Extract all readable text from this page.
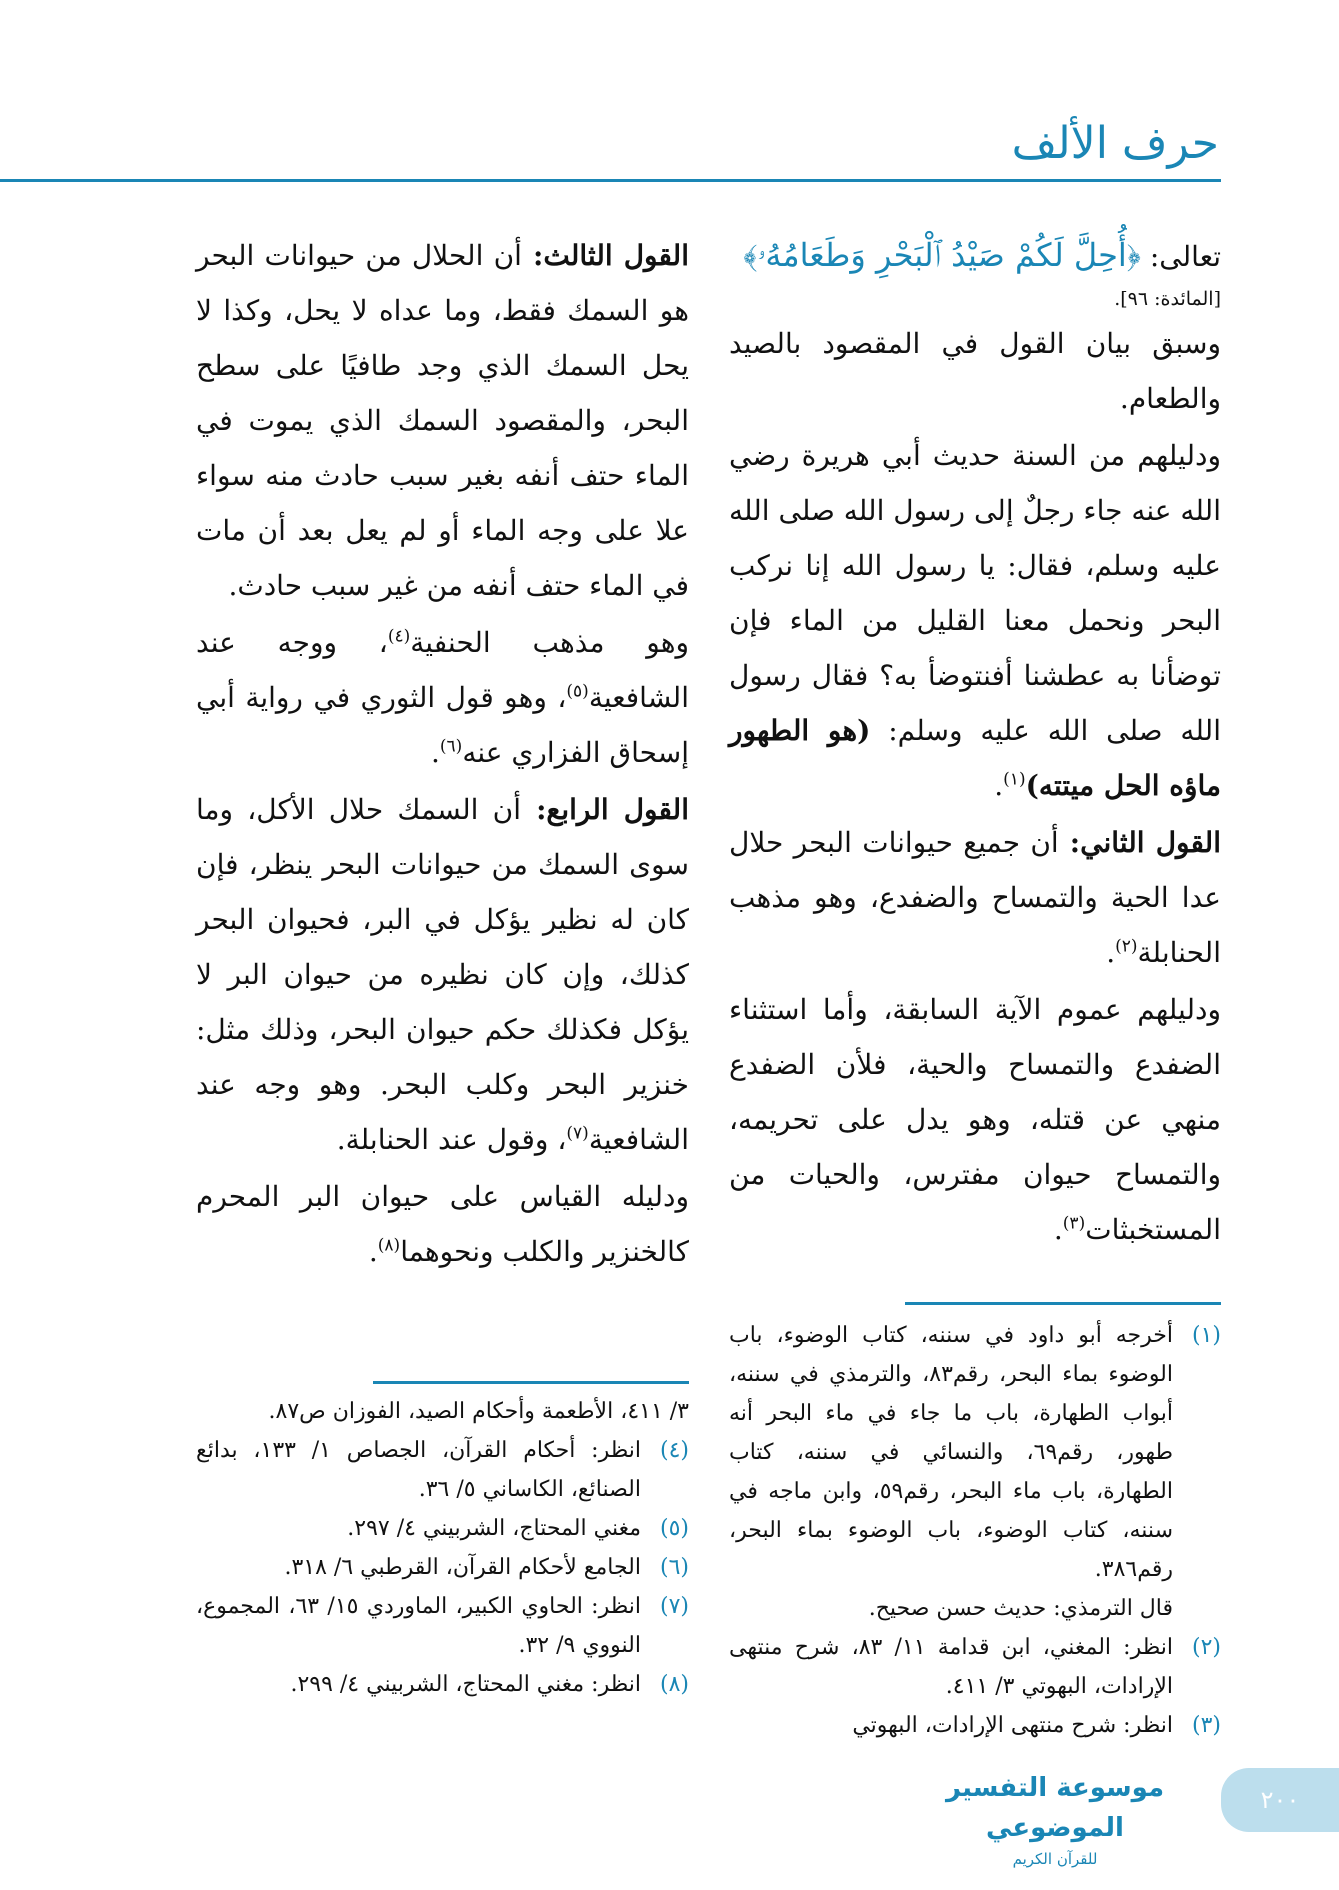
حرف الألف

تعالى: ﴿أُحِلَّ لَكُمْ صَيْدُ ٱلْبَحْرِ وَطَعَامُهُۥ﴾
[المائدة: ٩٦].

وسبق بيان القول في المقصود بالصيد والطعام.

ودليلهم من السنة حديث أبي هريرة رضي الله عنه جاء رجلٌ إلى رسول الله صلى الله عليه وسلم، فقال: يا رسول الله إنا نركب البحر ونحمل معنا القليل من الماء فإن توضأنا به عطشنا أفنتوضأ به؟ فقال رسول الله صلى الله عليه وسلم: (هو الطهور ماؤه الحل ميتته)$^{(١)}$.

القول الثاني: أن جميع حيوانات البحر حلال عدا الحية والتمساح والضفدع، وهو مذهب الحنابلة$^{(٢)}$.

ودليلهم عموم الآية السابقة، وأما استثناء الضفدع والتمساح والحية، فلأن الضفدع منهي عن قتله، وهو يدل على تحريمه، والتمساح حيوان مفترس، والحيات من المستخبثات$^{(٣)}$.

القول الثالث: أن الحلال من حيوانات البحر هو السمك فقط، وما عداه لا يحل، وكذا لا يحل السمك الذي وجد طافيًا على سطح البحر، والمقصود السمك الذي يموت في الماء حتف أنفه بغير سبب حادث منه سواء علا على وجه الماء أو لم يعل بعد أن مات في الماء حتف أنفه من غير سبب حادث.

وهو مذهب الحنفية$^{(٤)}$، ووجه عند الشافعية$^{(٥)}$، وهو قول الثوري في رواية أبي إسحاق الفزاري عنه$^{(٦)}$.

القول الرابع: أن السمك حلال الأكل، وما سوى السمك من حيوانات البحر ينظر، فإن كان له نظير يؤكل في البر، فحيوان البحر كذلك، وإن كان نظيره من حيوان البر لا يؤكل فكذلك حكم حيوان البحر، وذلك مثل: خنزير البحر وكلب البحر. وهو وجه عند الشافعية$^{(٧)}$، وقول عند الحنابلة.

ودليله القياس على حيوان البر المحرم كالخنزير والكلب ونحوهما$^{(٨)}$.

(١)
أخرجه أبو داود في سننه، كتاب الوضوء، باب الوضوء بماء البحر، رقم٨٣، والترمذي في سننه، أبواب الطهارة، باب ما جاء في ماء البحر أنه طهور، رقم٦٩، والنسائي في سننه، كتاب الطهارة، باب ماء البحر، رقم٥٩، وابن ماجه في سننه، كتاب الوضوء، باب الوضوء بماء البحر، رقم٣٨٦.
قال الترمذي: حديث حسن صحيح.
(٢)
انظر: المغني، ابن قدامة ١١/ ٨٣، شرح منتهى الإرادات، البهوتي ٣/ ٤١١.
(٣)
انظر: شرح منتهى الإرادات، البهوتي
٣/ ٤١١، الأطعمة وأحكام الصيد، الفوزان ص٨٧.
(٤)
انظر: أحكام القرآن، الجصاص ١/ ١٣٣، بدائع الصنائع، الكاساني ٥/ ٣٦.
(٥)
مغني المحتاج، الشربيني ٤/ ٢٩٧.
(٦)
الجامع لأحكام القرآن، القرطبي ٦/ ٣١٨.
(٧)
انظر: الحاوي الكبير، الماوردي ١٥/ ٦٣، المجموع، النووي ٩/ ٣٢.
(٨)
انظر: مغني المحتاج، الشربيني ٤/ ٢٩٩.
موسوعة التفسير الموضوعي
للقرآن الكريم
٢٠٠
